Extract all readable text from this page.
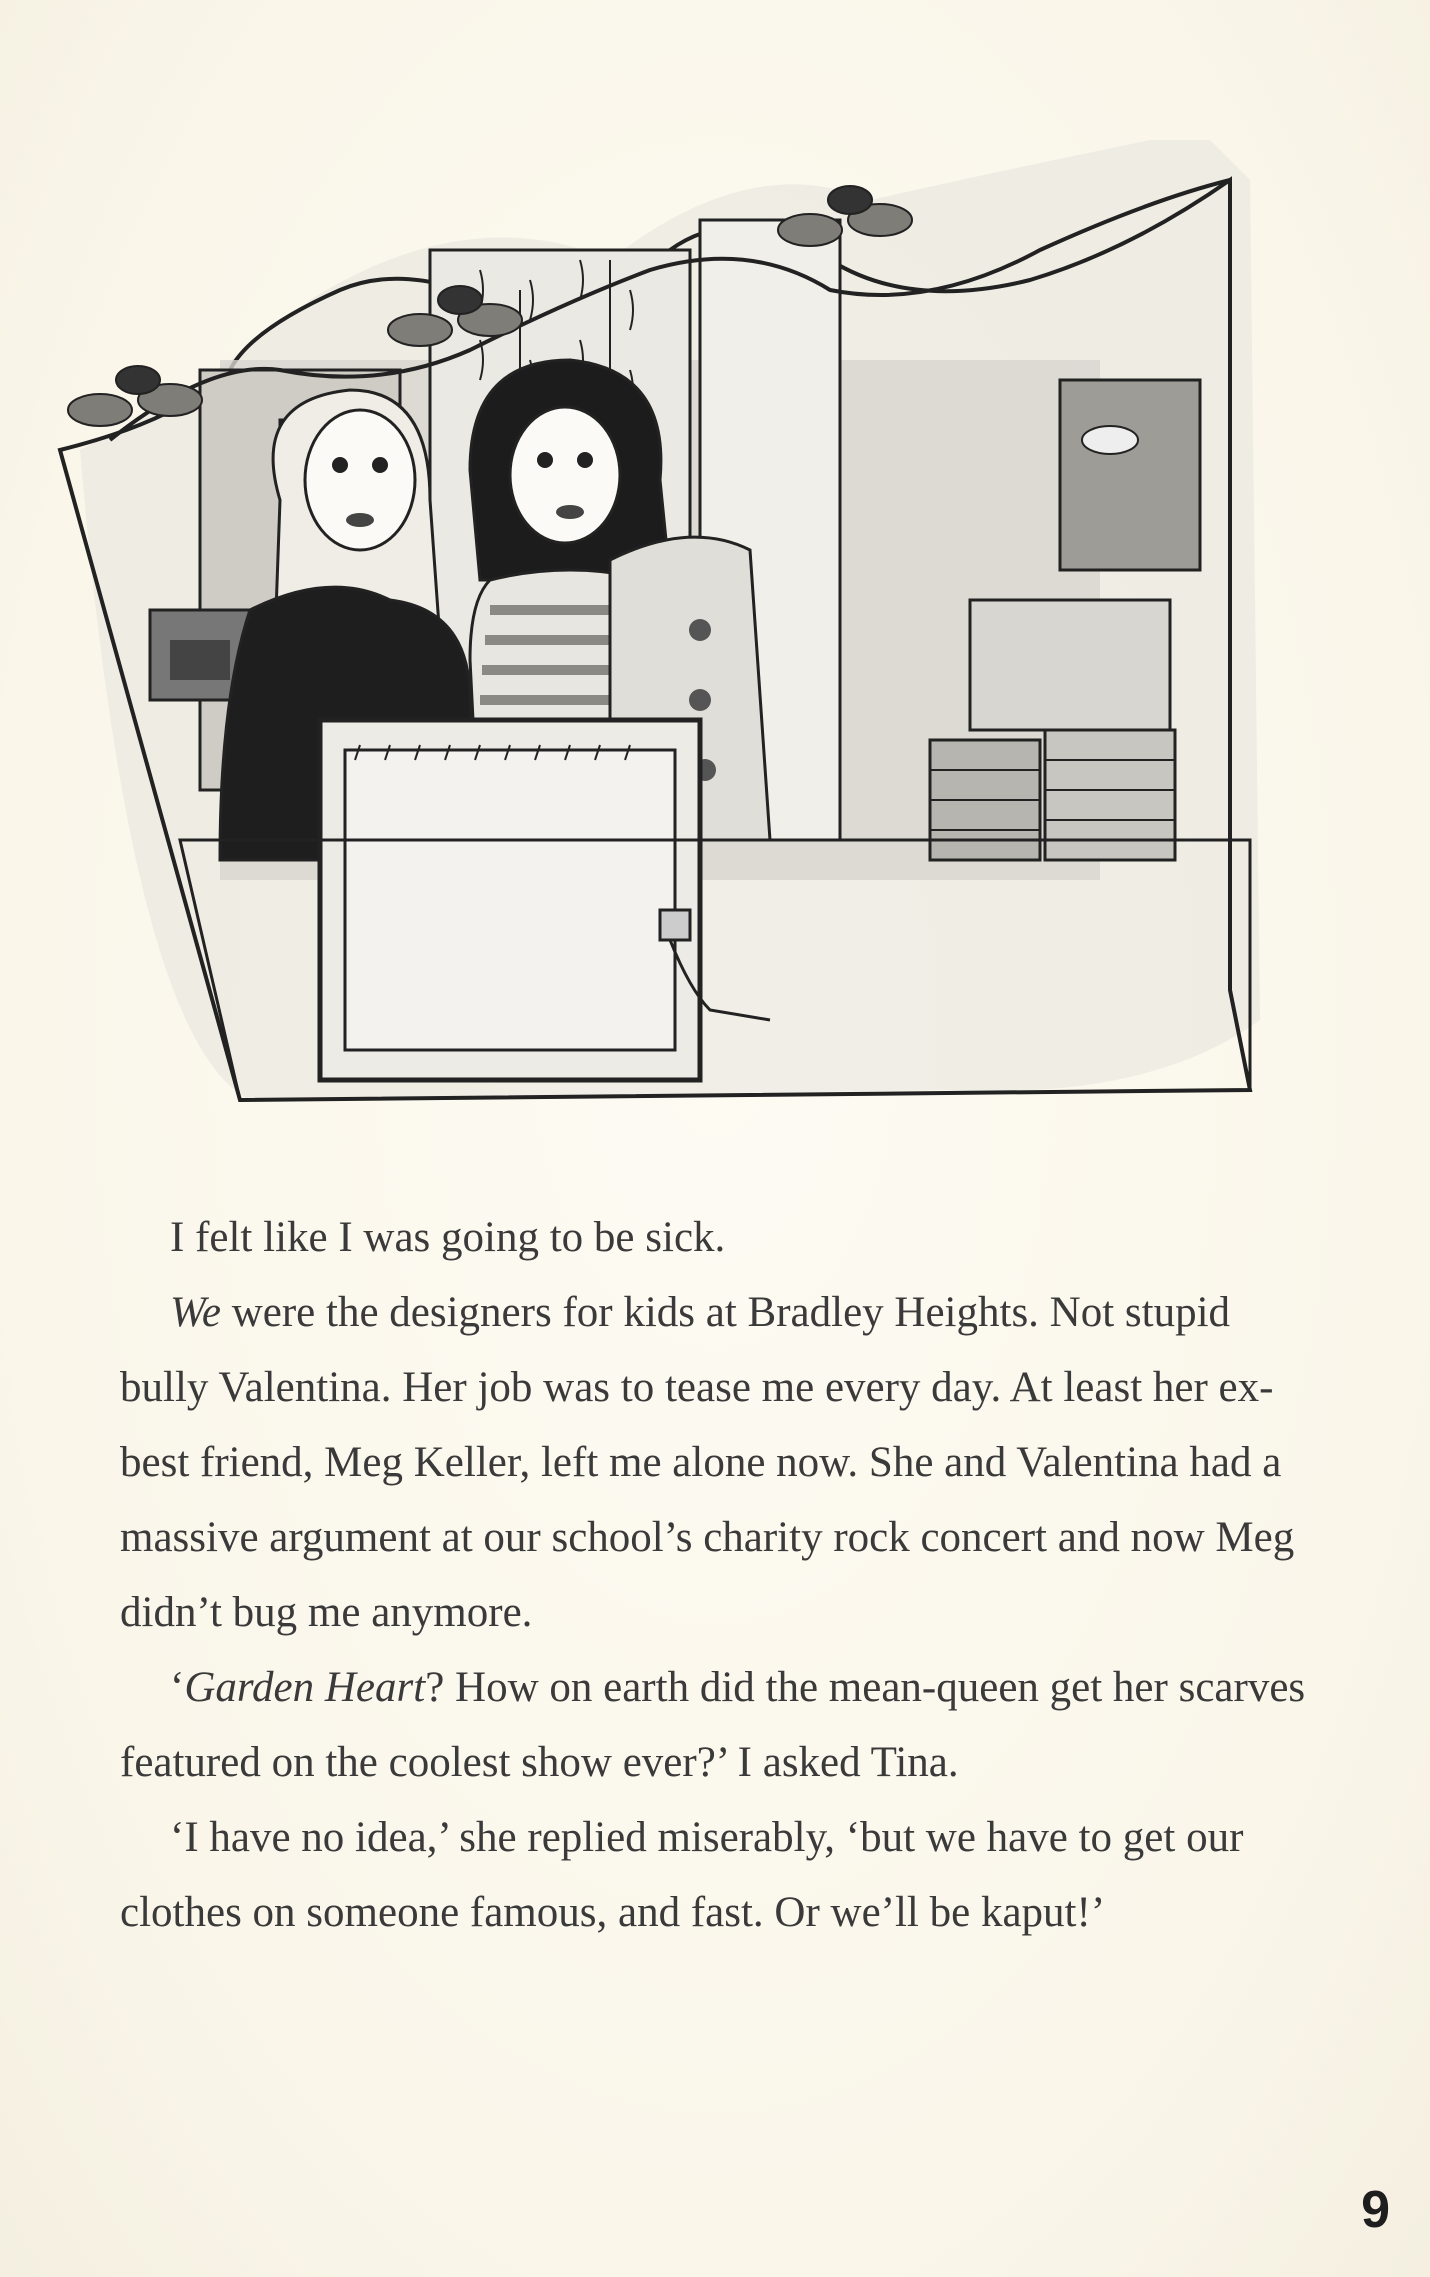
I felt like I was going to be sick.

We were the designers for kids at Bradley Heights. Not stupid bully Valentina. Her job was to tease me every day. At least her ex-best friend, Meg Keller, left me alone now. She and Valentina had a massive argument at our school’s charity rock concert and now Meg didn’t bug me anymore.

‘Garden Heart? How on earth did the mean-queen get her scarves featured on the coolest show ever?’ I asked Tina.

‘I have no idea,’ she replied miserably, ‘but we have to get our clothes on someone famous, and fast. Or we’ll be kaput!’

9
